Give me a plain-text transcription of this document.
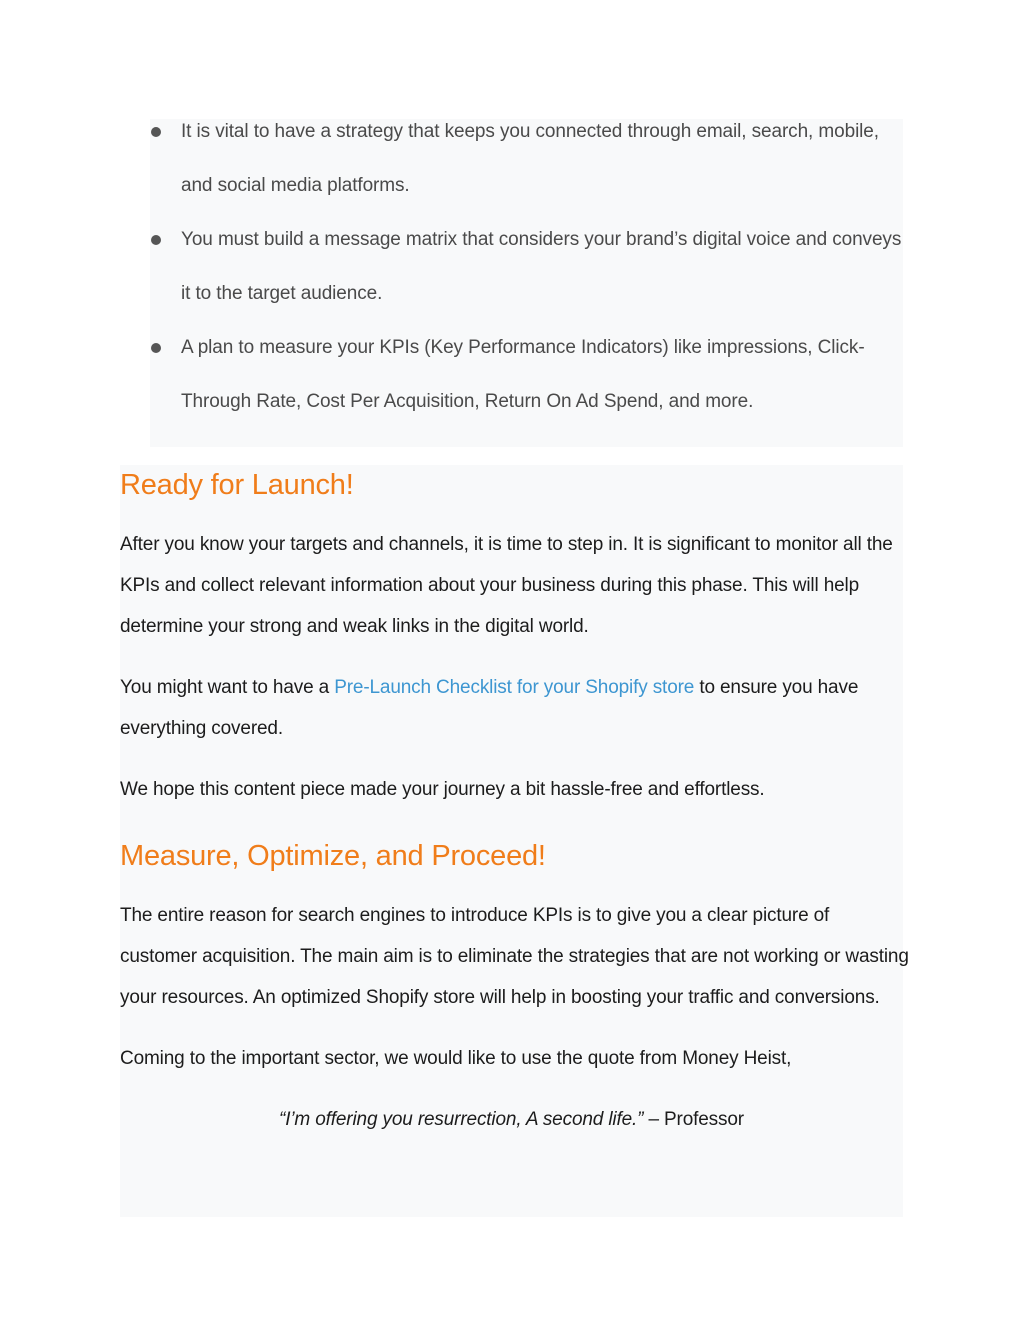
It is vital to have a strategy that keeps you connected through email, search, mobile, and social media platforms.
You must build a message matrix that considers your brand’s digital voice and conveys it to the target audience.
A plan to measure your KPIs (Key Performance Indicators) like impressions, Click-Through Rate, Cost Per Acquisition, Return On Ad Spend, and more.
Ready for Launch!

After you know your targets and channels, it is time to step in. It is significant to monitor all the KPIs and collect relevant information about your business during this phase. This will help determine your strong and weak links in the digital world.

You might want to have a Pre-Launch Checklist for your Shopify store to ensure you have everything covered.

We hope this content piece made your journey a bit hassle-free and effortless.

Measure, Optimize, and Proceed!

The entire reason for search engines to introduce KPIs is to give you a clear picture of customer acquisition. The main aim is to eliminate the strategies that are not working or wasting your resources. An optimized Shopify store will help in boosting your traffic and conversions.

Coming to the important sector, we would like to use the quote from Money Heist,

“I’m offering you resurrection, A second life.” – Professor
